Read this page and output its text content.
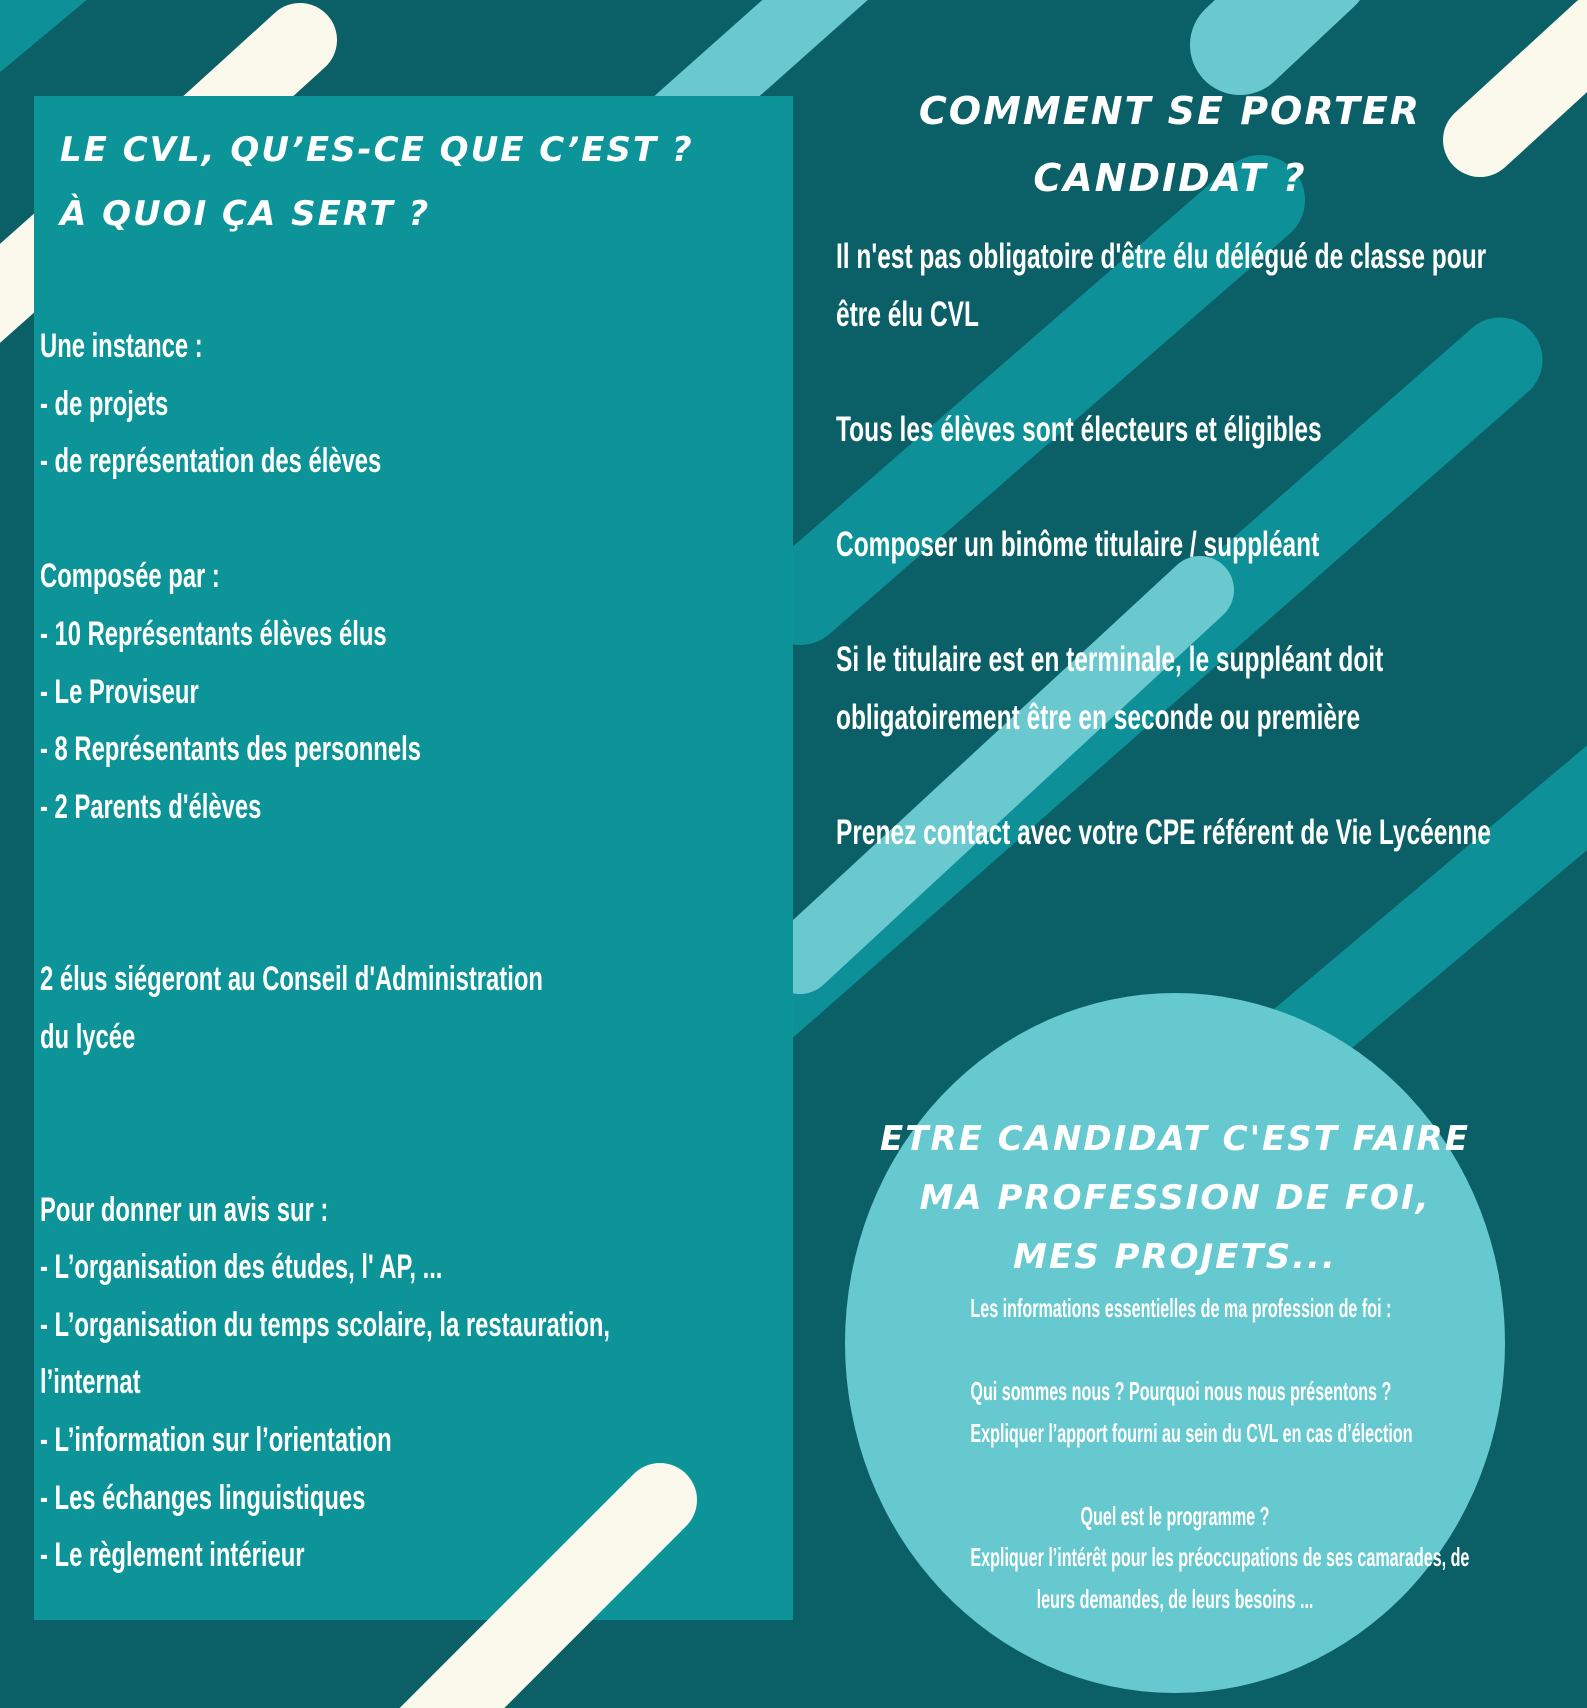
LE CVL, QU’ES-CE QUE C’EST ?
À QUOI ÇA SERT ?
Une instance :
- de projets
- de représentation des élèves
Composée par :
- 10 Représentants élèves élus
- Le Proviseur
- 8 Représentants des personnels
- 2 Parents d'élèves
2 élus siégeront au Conseil d'Administration
du lycée
Pour donner un avis sur :
- L’organisation des études, l' AP, ...
- L’organisation du temps scolaire, la restauration,
l’internat
- L’information sur l’orientation
- Les échanges linguistiques
- Le règlement intérieur
COMMENT SE PORTER
CANDIDAT ?
Il n'est pas obligatoire d'être élu délégué de classe pour
être élu CVL
Tous les élèves sont électeurs et éligibles
Composer un binôme titulaire / suppléant
Si le titulaire est en terminale, le suppléant doit
obligatoirement être en seconde ou première
Prenez contact avec votre CPE référent de Vie Lycéenne
ETRE CANDIDAT C'EST FAIRE
MA PROFESSION DE FOI,
MES PROJETS...
Les informations essentielles de ma profession de foi :
Qui sommes nous ? Pourquoi nous nous présentons ?
Expliquer l’apport fourni au sein du CVL en cas d’élection
Quel est le programme ?
Expliquer l’intérêt pour les préoccupations de ses camarades, de
leurs demandes, de leurs besoins ...
